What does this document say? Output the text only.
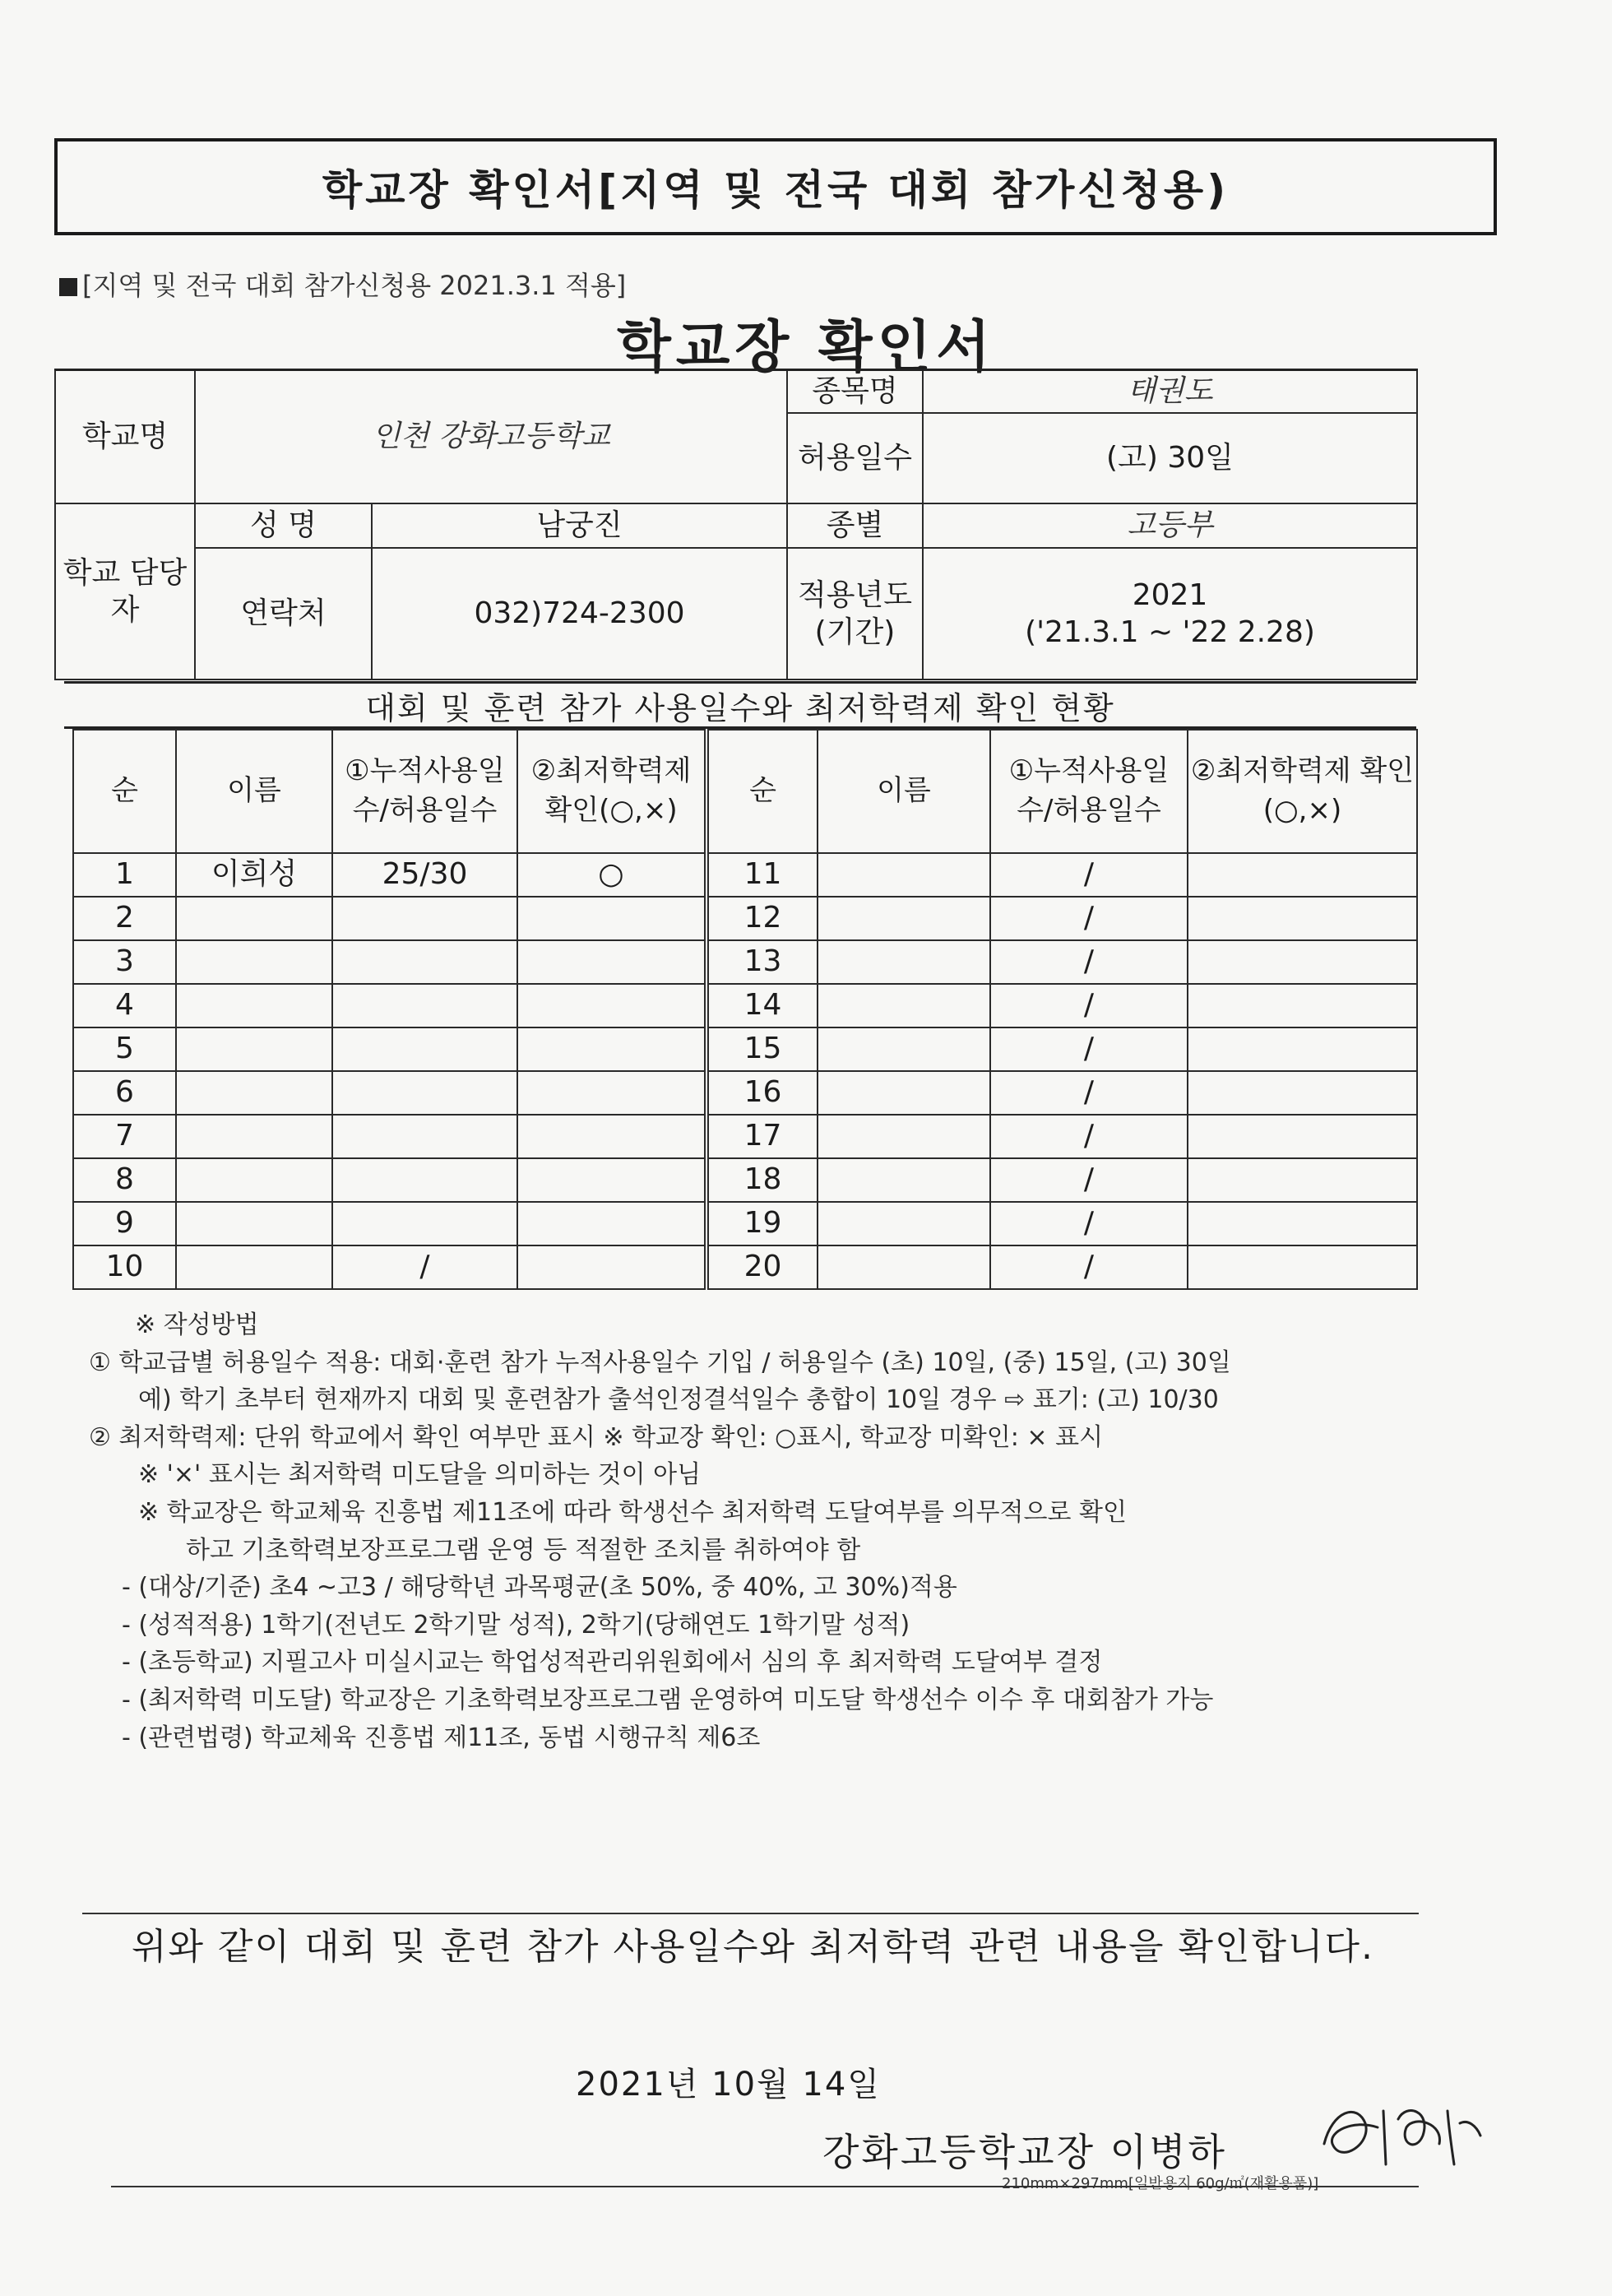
학교장 확인서[지역 및 전국 대회 참가신청용)
[지역 및 전국 대회 참가신청용 2021.3.1 적용]
학교장 확인서
학교명	인천 강화고등학교		종목명	태권도
			허용일수	(고) 30일
학교 담당자	성 명	남궁진	종별	고등부
	연락처	032)724-2300	적용년도 (기간)	2021
('21.3.1 ~ '22 2.28)
대회 및 훈련 참가 사용일수와 최저학력제 확인 현황
순	이름	①누적사용일수/허용일수	②최저학력제 확인(○,×)	순	이름	①누적사용일수/허용일수	②최저학력제 확인(○,×)
1	이희성	25/30	○	11		/	
2				12		/	
3				13		/	
4				14		/	
5				15		/	
6				16		/	
7				17		/	
8				18		/	
9				19		/	
10		/		20		/	

※ 작성방법

① 학교급별 허용일수 적용: 대회·훈련 참가 누적사용일수 기입 / 허용일수 (초) 10일, (중) 15일, (고) 30일

예) 학기 초부터 현재까지 대회 및 훈련참가 출석인정결석일수 총합이 10일 경우 ⇨ 표기: (고) 10/30

② 최저학력제: 단위 학교에서 확인 여부만 표시 ※ 학교장 확인: ○표시, 학교장 미확인: × 표시

※ '×' 표시는 최저학력 미도달을 의미하는 것이 아님

※ 학교장은 학교체육 진흥법 제11조에 따라 학생선수 최저학력 도달여부를 의무적으로 확인

하고 기초학력보장프로그램 운영 등 적절한 조치를 취하여야 함

- (대상/기준) 초4 ~고3 / 해당학년 과목평균(초 50%, 중 40%, 고 30%)적용

- (성적적용) 1학기(전년도 2학기말 성적), 2학기(당해연도 1학기말 성적)

- (초등학교) 지필고사 미실시교는 학업성적관리위원회에서 심의 후 최저학력 도달여부 결정

- (최저학력 미도달) 학교장은 기초학력보장프로그램 운영하여 미도달 학생선수 이수 후 대회참가 가능

- (관련법령) 학교체육 진흥법 제11조, 동법 시행규칙 제6조

위와 같이 대회 및 훈련 참가 사용일수와 최저학력 관련 내용을 확인합니다.
2021년 10월 14일
강화고등학교장 이병하
210mm×297mm[일반용지 60g/㎡(재활용품)]
